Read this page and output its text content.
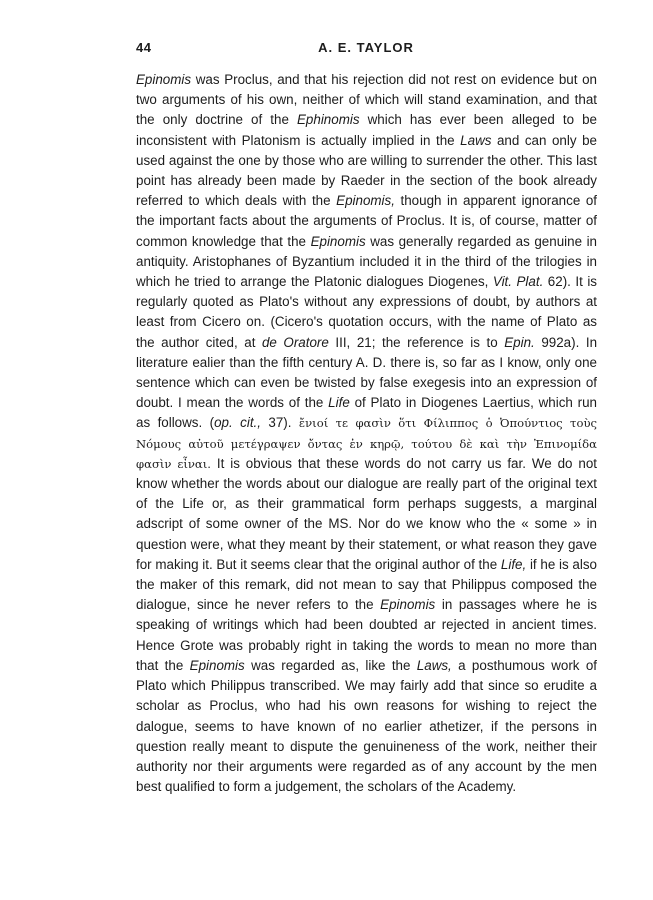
44	A. E. TAYLOR

Epinomis was Proclus, and that his rejection did not rest on evidence but on two arguments of his own, neither of which will stand examination, and that the only doctrine of the Ephinomis which has ever been alleged to be inconsistent with Platonism is actually implied in the Laws and can only be used against the one by those who are willing to surrender the other. This last point has already been made by Raeder in the section of the book already referred to which deals with the Epinomis, though in apparent ignorance of the important facts about the arguments of Proclus. It is, of course, matter of common knowledge that the Epinomis was generally regarded as genuine in antiquity. Aristophanes of Byzantium included it in the third of the trilogies in which he tried to arrange the Platonic dialogues Diogenes, Vit. Plat. 62). It is regularly quoted as Plato's without any expressions of doubt, by authors at least from Cicero on. (Cicero's quotation occurs, with the name of Plato as the author cited, at de Oratore III, 21; the reference is to Epin. 992a). In literature ealier than the fifth century A. D. there is, so far as I know, only one sentence which can even be twisted by false exegesis into an expression of doubt. I mean the words of the Life of Plato in Diogenes Laertius, which run as follows. (op. cit., 37). ἔνιοί τε φασὶν ὅτι Φίλιππος ὁ Ὀπούντιος τοὺς Νόμους αὐτοῦ μετέγραψεν ὄντας ἐν κηρῷ, τούτου δὲ καὶ τὴν Ἐπινομίδα φασὶν εἶναι. It is obvious that these words do not carry us far. We do not know whether the words about our dialogue are really part of the original text of the Life or, as their grammatical form perhaps suggests, a marginal adscript of some owner of the MS. Nor do we know who the « some » in question were, what they meant by their statement, or what reason they gave for making it. But it seems clear that the original author of the Life, if he is also the maker of this remark, did not mean to say that Philippus composed the dialogue, since he never refers to the Epinomis in passages where he is speaking of writings which had been doubted ar rejected in ancient times. Hence Grote was probably right in taking the words to mean no more than that the Epinomis was regarded as, like the Laws, a posthumous work of Plato which Philippus transcribed. We may fairly add that since so erudite a scholar as Proclus, who had his own reasons for wishing to reject the dalogue, seems to have known of no earlier athetizer, if the persons in question really meant to dispute the genuineness of the work, neither their authority nor their arguments were regarded as of any account by the men best qualified to form a judgement, the scholars of the Academy.
